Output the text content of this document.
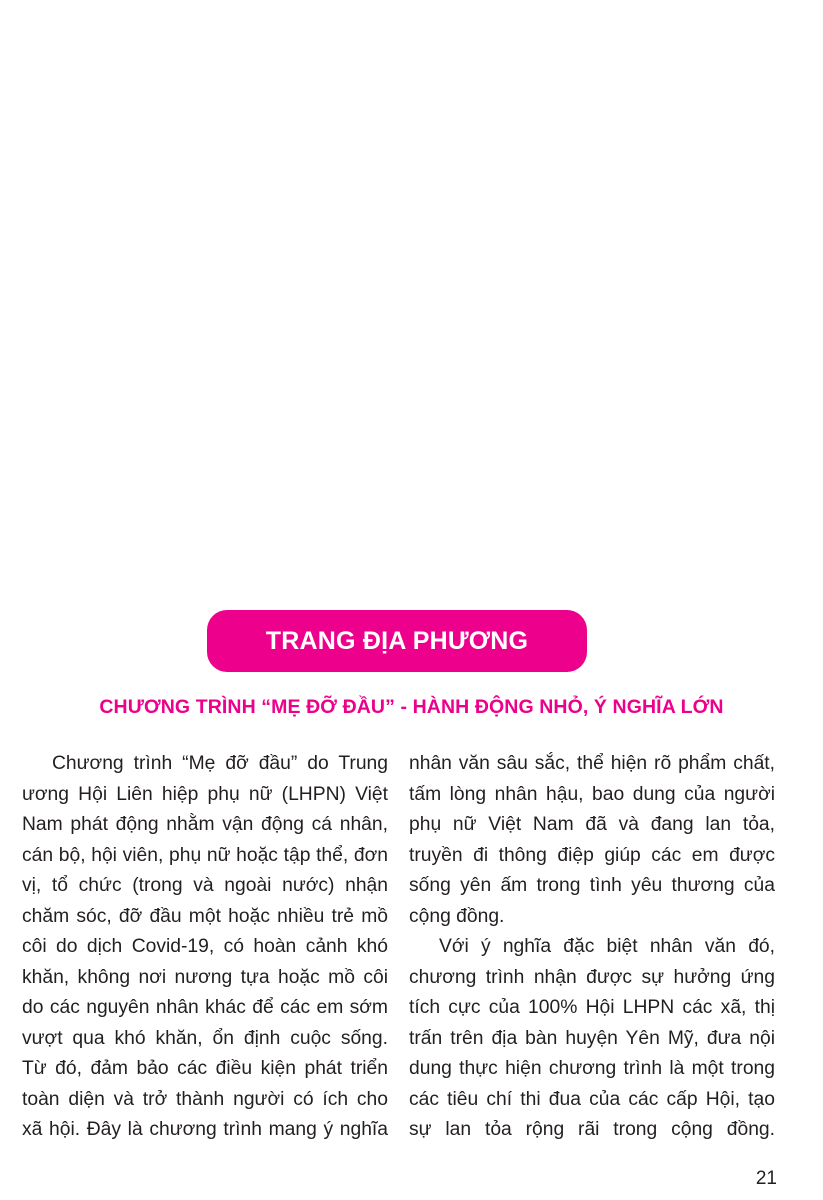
TRANG ĐỊA PHƯƠNG
CHƯƠNG TRÌNH “MẸ ĐỠ ĐẦU” - HÀNH ĐỘNG NHỎ, Ý NGHĨA LỚN
Chương trình “Mẹ đỡ đầu” do Trung
ương Hội Liên hiệp phụ nữ (LHPN) Việt
Nam phát động nhằm vận động cá nhân,
cán bộ, hội viên, phụ nữ hoặc tập thể, đơn
vị, tổ chức (trong và ngoài nước) nhận
chăm sóc, đỡ đầu một hoặc nhiều trẻ mồ
côi do dịch Covid-19, có hoàn cảnh khó
khăn, không nơi nương tựa hoặc mồ côi
do các nguyên nhân khác để các em sớm
vượt qua khó khăn, ổn định cuộc sống.
Từ đó, đảm bảo các điều kiện phát triển
toàn diện và trở thành người có ích cho
xã hội. Đây là chương trình mang ý nghĩa
nhân văn sâu sắc, thể hiện rõ phẩm chất,
tấm lòng nhân hậu, bao dung của người
phụ nữ Việt Nam đã và đang lan tỏa,
truyền đi thông điệp giúp các em được
sống yên ấm trong tình yêu thương của
cộng đồng.
Với ý nghĩa đặc biệt nhân văn đó,
chương trình nhận được sự hưởng ứng
tích cực của 100% Hội LHPN các xã, thị
trấn trên địa bàn huyện Yên Mỹ, đưa nội
dung thực hiện chương trình là một trong
các tiêu chí thi đua của các cấp Hội, tạo
sự lan tỏa rộng rãi trong cộng đồng.
21
